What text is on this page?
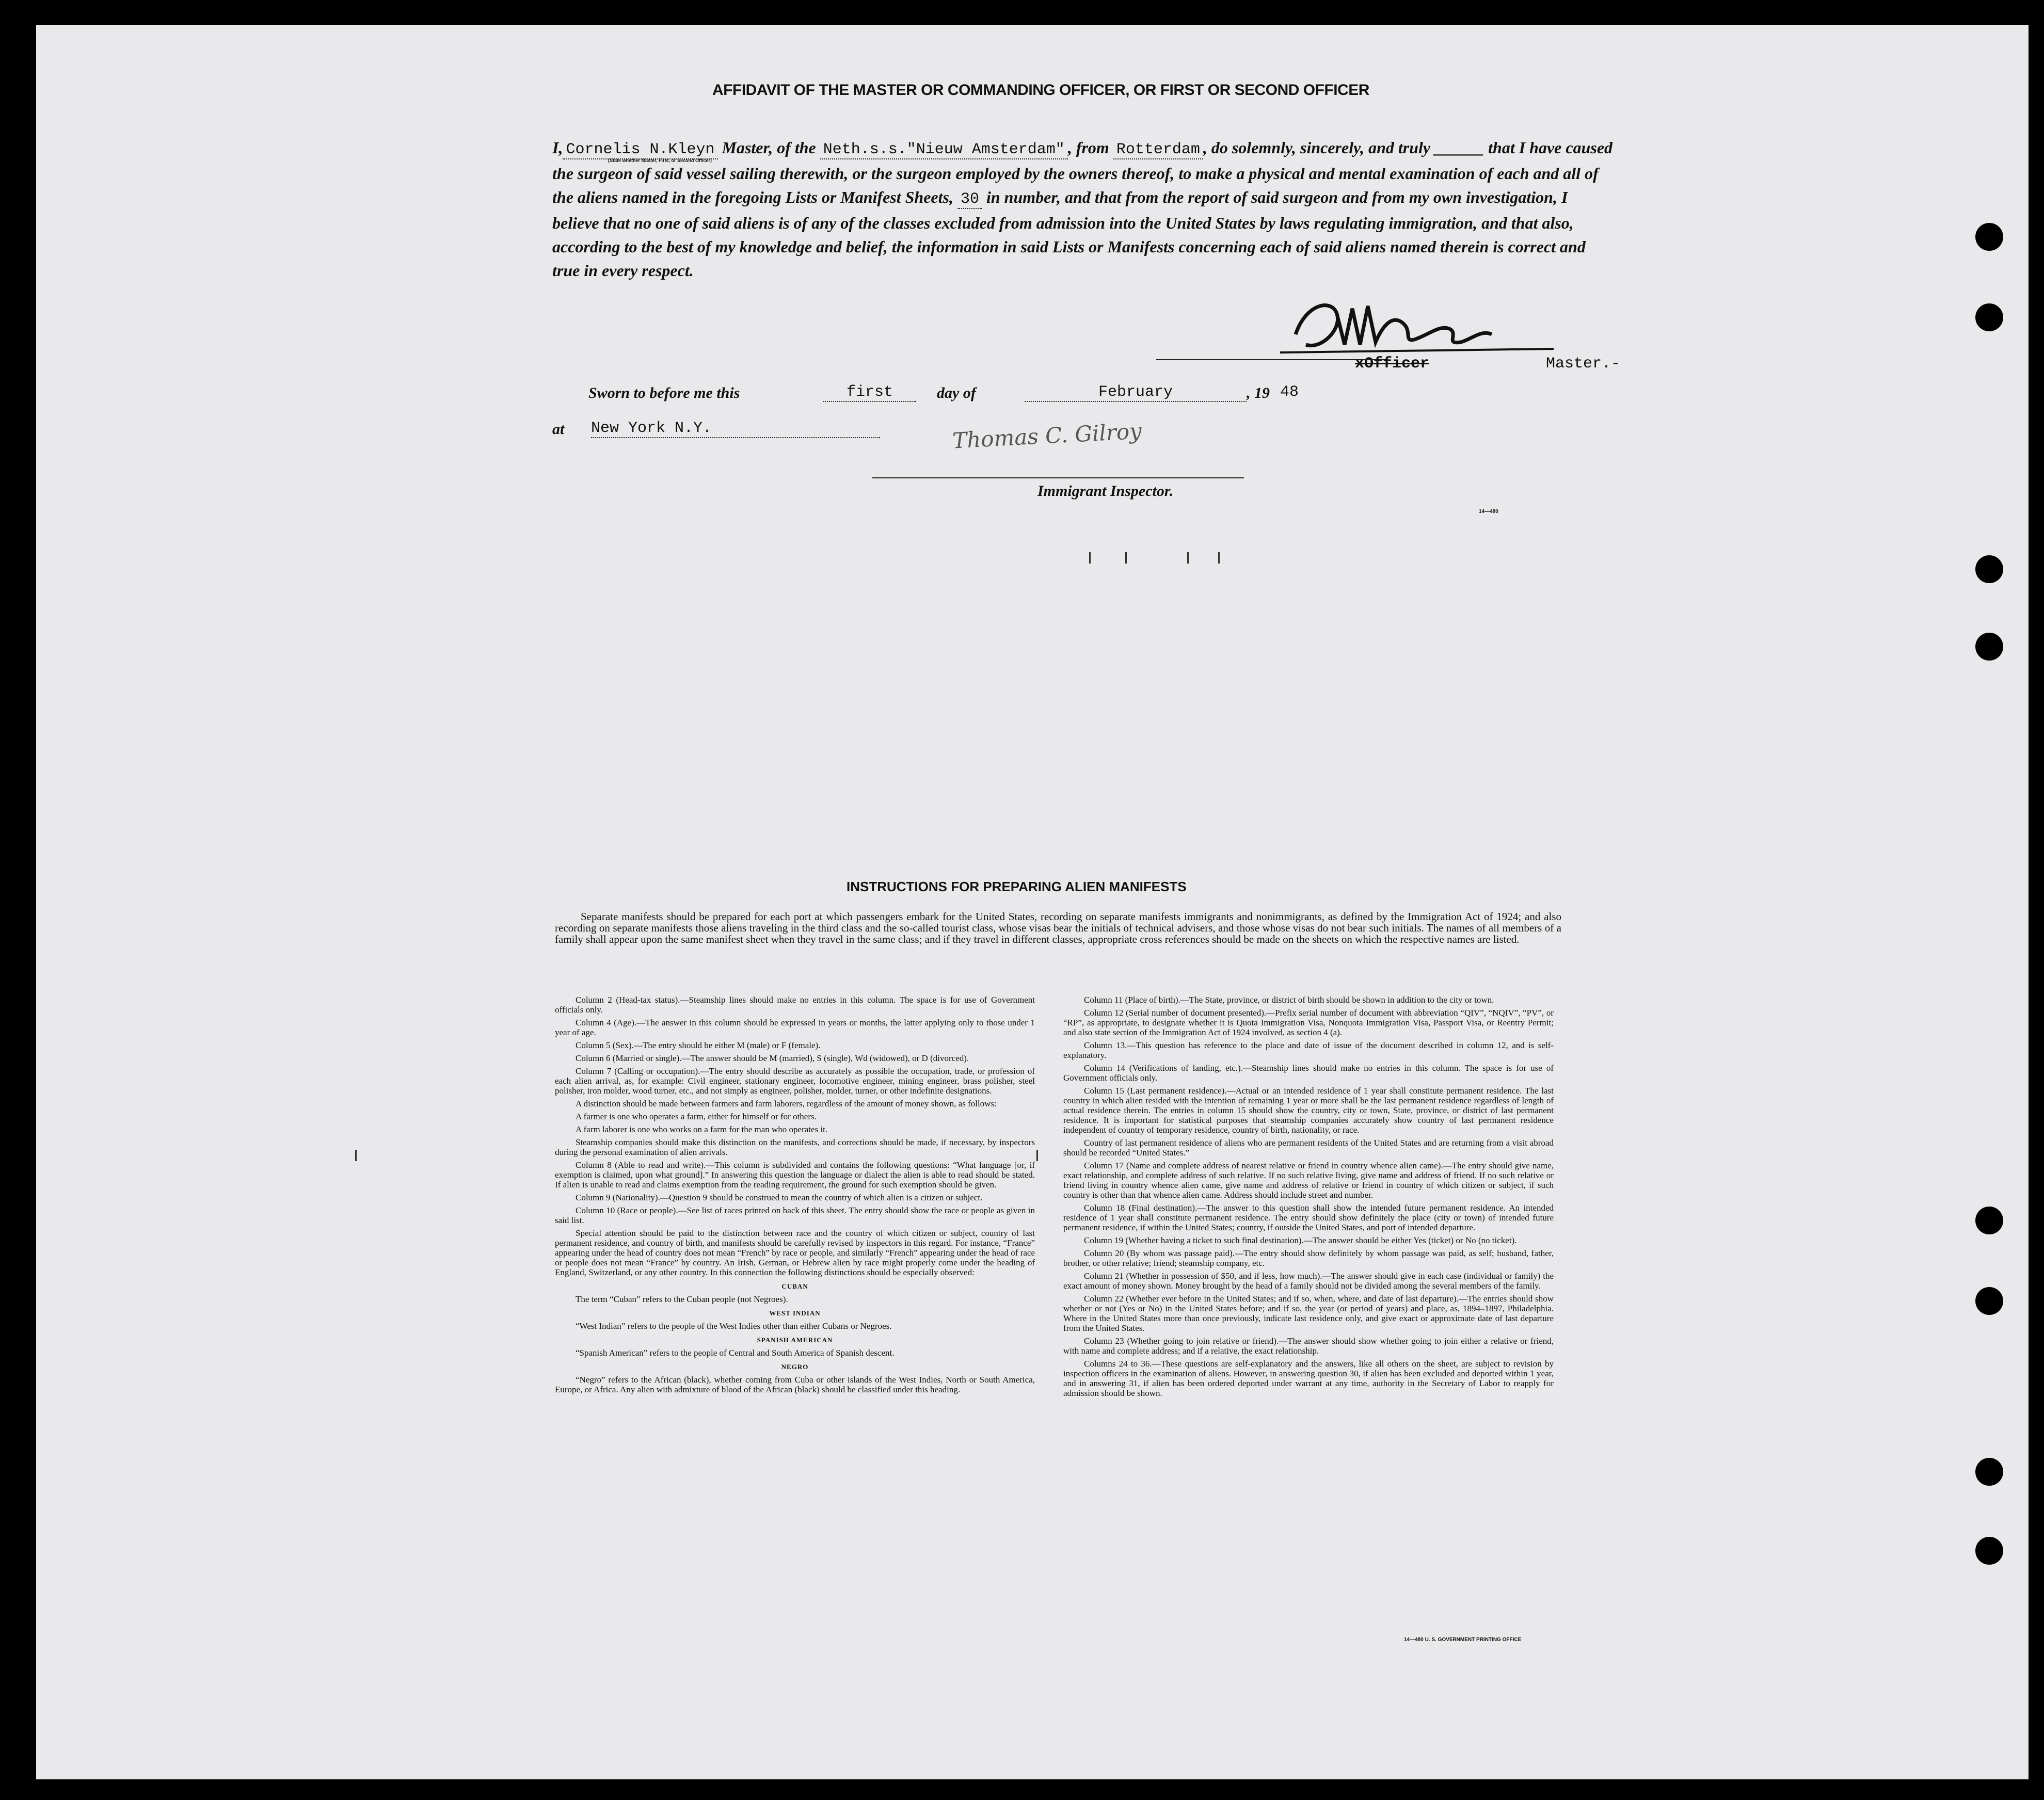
AFFIDAVIT OF THE MASTER OR COMMANDING OFFICER, OR FIRST OR SECOND OFFICER
I, Cornelis N.Kleyn Master, of the Neth.s.s."Nieuw Amsterdam" , from Rotterdam , do solemnly, sincerely, and truly ______ that I have caused the surgeon of said vessel sailing therewith, or the surgeon employed by the owners thereof, to make a physical and mental examination of each and all of the aliens named in the foregoing Lists or Manifest Sheets, 30 in number, and that from the report of said surgeon and from my own investigation, I believe that no one of said aliens is of any of the classes excluded from admission into the United States by laws regulating immigration, and that also, according to the best of my knowledge and belief, the information in said Lists or Manifests concerning each of said aliens named therein is correct and true in every respect.
(State whether Master, First, or Second Officer)
xOfficer	Master.-
Sworn to before me this	first	day of	February	, 19 48
at New York N.Y.	Thomas C. Gilroy
Immigrant Inspector.
14—480
INSTRUCTIONS FOR PREPARING ALIEN MANIFESTS
Separate manifests should be prepared for each port at which passengers embark for the United States, recording on separate manifests immigrants and nonimmigrants, as defined by the Immigration Act of 1924; and also recording on separate manifests those aliens traveling in the third class and the so-called tourist class, whose visas bear the initials of technical advisers, and those whose visas do not bear such initials. The names of all members of a family shall appear upon the same manifest sheet when they travel in the same class; and if they travel in different classes, appropriate cross references should be made on the sheets on which the respective names are listed.

Column 2 (Head-tax status).—Steamship lines should make no entries in this column. The space is for use of Government officials only.

Column 4 (Age).—The answer in this column should be expressed in years or months, the latter applying only to those under 1 year of age.

Column 5 (Sex).—The entry should be either M (male) or F (female).

Column 6 (Married or single).—The answer should be M (married), S (single), Wd (widowed), or D (divorced).

Column 7 (Calling or occupation).—The entry should describe as accurately as possible the occupation, trade, or profession of each alien arrival, as, for example: Civil engineer, stationary engineer, locomotive engineer, mining engineer, brass polisher, steel polisher, iron molder, wood turner, etc., and not simply as engineer, polisher, molder, turner, or other indefinite designations.

A distinction should be made between farmers and farm laborers, regardless of the amount of money shown, as follows:

A farmer is one who operates a farm, either for himself or for others.

A farm laborer is one who works on a farm for the man who operates it.

Steamship companies should make this distinction on the manifests, and corrections should be made, if necessary, by inspectors during the personal examination of alien arrivals.

Column 8 (Able to read and write).—This column is subdivided and contains the following questions: “What language [or, if exemption is claimed, upon what ground].” In answering this question the language or dialect the alien is able to read should be stated. If alien is unable to read and claims exemption from the reading requirement, the ground for such exemption should be given.

Column 9 (Nationality).—Question 9 should be construed to mean the country of which alien is a citizen or subject.

Column 10 (Race or people).—See list of races printed on back of this sheet. The entry should show the race or people as given in said list.

Special attention should be paid to the distinction between race and the country of which citizen or subject, country of last permanent residence, and country of birth, and manifests should be carefully revised by inspectors in this regard. For instance, “France” appearing under the head of country does not mean “French” by race or people, and similarly “French” appearing under the head of race or people does not mean “France” by country. An Irish, German, or Hebrew alien by race might properly come under the heading of England, Switzerland, or any other country. In this connection the following distinctions should be especially observed:

CUBAN

The term “Cuban” refers to the Cuban people (not Negroes).

WEST INDIAN

“West Indian” refers to the people of the West Indies other than either Cubans or Negroes.

SPANISH AMERICAN

“Spanish American” refers to the people of Central and South America of Spanish descent.

NEGRO

“Negro” refers to the African (black), whether coming from Cuba or other islands of the West Indies, North or South America, Europe, or Africa. Any alien with admixture of blood of the African (black) should be classified under this heading.

Column 11 (Place of birth).—The State, province, or district of birth should be shown in addition to the city or town.

Column 12 (Serial number of document presented).—Prefix serial number of document with abbreviation “QIV”, “NQIV”, “PV”, or “RP”, as appropriate, to designate whether it is Quota Immigration Visa, Nonquota Immigration Visa, Passport Visa, or Reentry Permit; and also state section of the Immigration Act of 1924 involved, as section 4 (a).

Column 13.—This question has reference to the place and date of issue of the document described in column 12, and is self-explanatory.

Column 14 (Verifications of landing, etc.).—Steamship lines should make no entries in this column. The space is for use of Government officials only.

Column 15 (Last permanent residence).—Actual or an intended residence of 1 year shall constitute permanent residence. The last country in which alien resided with the intention of remaining 1 year or more shall be the last permanent residence regardless of length of actual residence therein. The entries in column 15 should show the country, city or town, State, province, or district of last permanent residence. It is important for statistical purposes that steamship companies accurately show country of last permanent residence independent of country of temporary residence, country of birth, nationality, or race.

Country of last permanent residence of aliens who are permanent residents of the United States and are returning from a visit abroad should be recorded “United States.”

Column 17 (Name and complete address of nearest relative or friend in country whence alien came).—The entry should give name, exact relationship, and complete address of such relative. If no such relative living, give name and address of friend. If no such relative or friend living in country whence alien came, give name and address of relative or friend in country of which citizen or subject, if such country is other than that whence alien came. Address should include street and number.

Column 18 (Final destination).—The answer to this question shall show the intended future permanent residence. An intended residence of 1 year shall constitute permanent residence. The entry should show definitely the place (city or town) of intended future permanent residence, if within the United States; country, if outside the United States, and port of intended departure.

Column 19 (Whether having a ticket to such final destination).—The answer should be either Yes (ticket) or No (no ticket).

Column 20 (By whom was passage paid).—The entry should show definitely by whom passage was paid, as self; husband, father, brother, or other relative; friend; steamship company, etc.

Column 21 (Whether in possession of $50, and if less, how much).—The answer should give in each case (individual or family) the exact amount of money shown. Money brought by the head of a family should not be divided among the several members of the family.

Column 22 (Whether ever before in the United States; and if so, when, where, and date of last departure).—The entries should show whether or not (Yes or No) in the United States before; and if so, the year (or period of years) and place, as, 1894–1897, Philadelphia. Where in the United States more than once previously, indicate last residence only, and give exact or approximate date of last departure from the United States.

Column 23 (Whether going to join relative or friend).—The answer should show whether going to join either a relative or friend, with name and complete address; and if a relative, the exact relationship.

Columns 24 to 36.—These questions are self-explanatory and the answers, like all others on the sheet, are subject to revision by inspection officers in the examination of aliens. However, in answering question 30, if alien has been excluded and deported within 1 year, and in answering 31, if alien has been ordered deported under warrant at any time, authority in the Secretary of Labor to reapply for admission should be shown.

14—480 U. S. GOVERNMENT PRINTING OFFICE
